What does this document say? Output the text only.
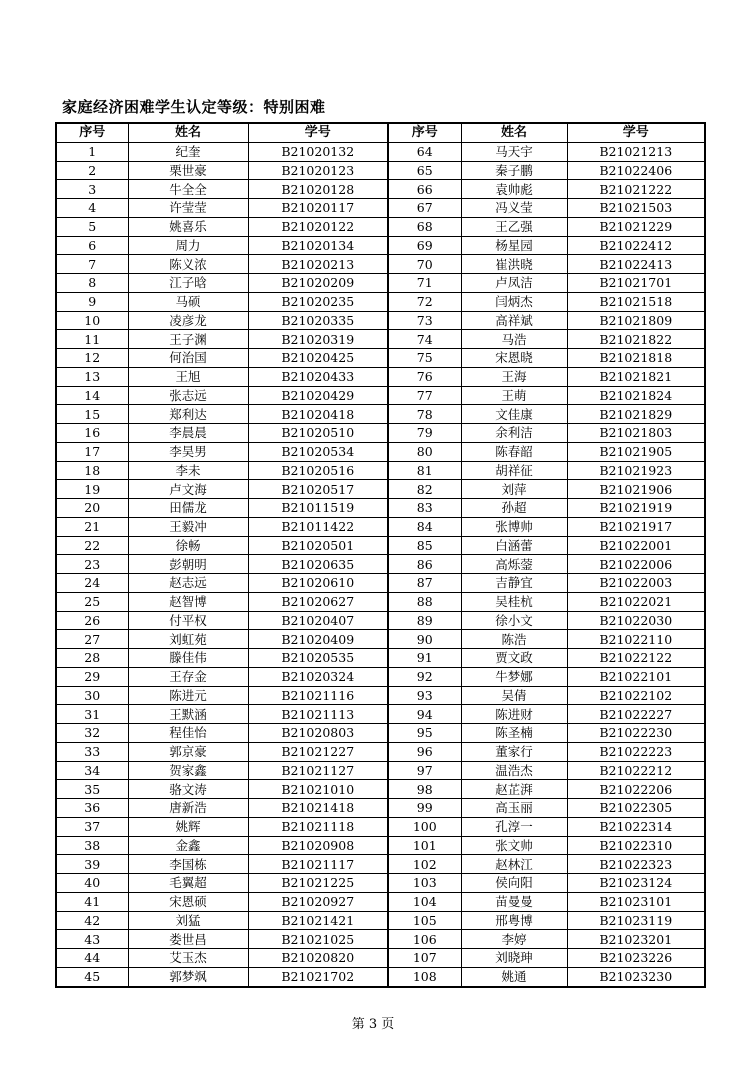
家庭经济困难学生认定等级：特别困难
序号	姓名	学号	序号	姓名	学号
1	纪奎	B21020132	64	马天宇	B21021213
2	栗世豪	B21020123	65	秦子鹏	B21022406
3	牛全全	B21020128	66	袁帅彪	B21021222
4	许莹莹	B21020117	67	冯义莹	B21021503
5	姚喜乐	B21020122	68	王乙强	B21021229
6	周力	B21020134	69	杨星园	B21022412
7	陈义浓	B21020213	70	崔洪晓	B21022413
8	江子晗	B21020209	71	卢凤洁	B21021701
9	马硕	B21020235	72	闫炳杰	B21021518
10	凌彦龙	B21020335	73	高祥斌	B21021809
11	王子渊	B21020319	74	马浩	B21021822
12	何治国	B21020425	75	宋恩晓	B21021818
13	王旭	B21020433	76	王海	B21021821
14	张志远	B21020429	77	王萌	B21021824
15	郑利达	B21020418	78	文佳康	B21021829
16	李晨晨	B21020510	79	余利洁	B21021803
17	李昊男	B21020534	80	陈春韶	B21021905
18	李未	B21020516	81	胡祥征	B21021923
19	卢文海	B21020517	82	刘萍	B21021906
20	田儒龙	B21011519	83	孙超	B21021919
21	王毅冲	B21011422	84	张博帅	B21021917
22	徐畅	B21020501	85	白涵蕾	B21022001
23	彭朝明	B21020635	86	高烁蓥	B21022006
24	赵志远	B21020610	87	吉静宜	B21022003
25	赵智博	B21020627	88	吴桂杭	B21022021
26	付平权	B21020407	89	徐小文	B21022030
27	刘虹苑	B21020409	90	陈浩	B21022110
28	滕佳伟	B21020535	91	贾文政	B21022122
29	王存金	B21020324	92	牛梦娜	B21022101
30	陈进元	B21021116	93	吴倩	B21022102
31	王默涵	B21021113	94	陈进财	B21022227
32	程佳怡	B21020803	95	陈圣楠	B21022230
33	郭京豪	B21021227	96	董家行	B21022223
34	贺家鑫	B21021127	97	温浩杰	B21022212
35	骆文涛	B21021010	98	赵芷湃	B21022206
36	唐新浩	B21021418	99	高玉丽	B21022305
37	姚辉	B21021118	100	孔淳一	B21022314
38	金鑫	B21020908	101	张文帅	B21022310
39	李国栋	B21021117	102	赵林江	B21022323
40	毛翼超	B21021225	103	侯向阳	B21023124
41	宋恩硕	B21020927	104	苗曼曼	B21023101
42	刘猛	B21021421	105	邢粤博	B21023119
43	娄世昌	B21021025	106	李婷	B21023201
44	艾玉杰	B21020820	107	刘晓珅	B21023226
45	郭梦飒	B21021702	108	姚通	B21023230
第 3 页
